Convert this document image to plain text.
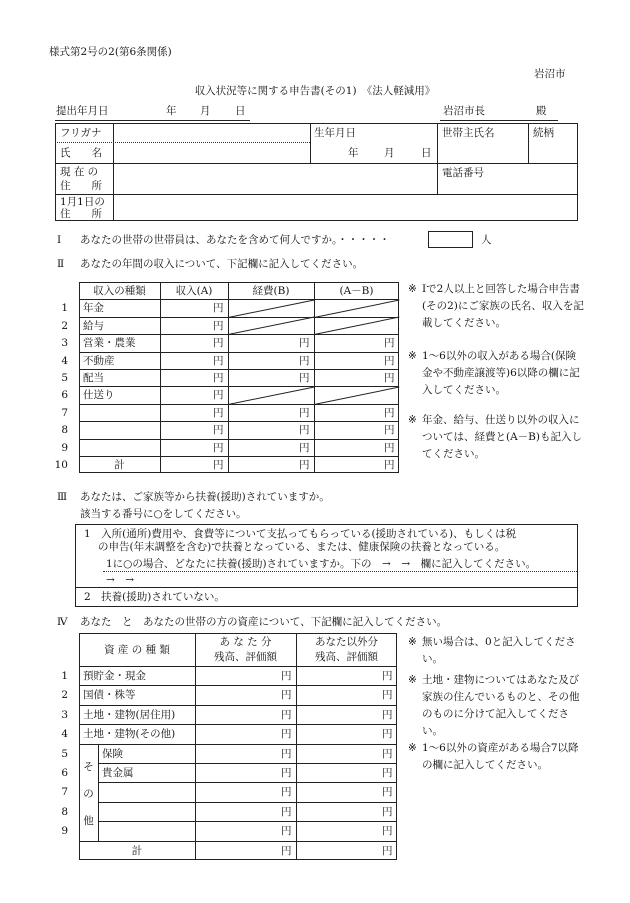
様式第2号の2(第6条関係)
岩沼市
収入状況等に関する申告書(その1)　《法人軽減用》
提出年月日	年 月 日	岩沼市長	殿
フリガナ
氏　　名
生年月日
年 月	日
世帯主氏名	続柄
現 在 の
住　　所
電話番号
1月1日の
住　　所
Ⅰ あなたの世帯の世帯員は、あなたを含めて何人ですか。・・・・・	人
Ⅱ あなたの年間の収入について、下記欄に記入してください。
収入の種類	収入(A)	経費(B)	(A－B)
1 年金	円
2 給与	円
3 営業・農業	円	円	円
4 不動産	円	円	円
5 配当	円	円	円
6 仕送り	円
7	円	円	円
8	円	円	円
9	円	円	円
10	計	円	円	円
※ Ⅰで2人以上と回答した場合申告書(その2)にご家族の氏名、収入を記載してください。
※ 1～6以外の収入がある場合(保険金や不動産譲渡等)6以降の欄に記入してください。
※ 年金、給与、仕送り以外の収入については、経費と(A－B)も記入してください。
Ⅲ あなたは、ご家族等から扶養(援助)されていますか。
該当する番号に○をしてください。
1　入所(通所)費用や、食費等について支払ってもらっている(援助されている)、もしくは税
の申告(年末調整を含む)で扶養となっている、または、健康保険の扶養となっている。
1に○の場合、どなたに扶養(援助)されていますか。下の　→　→　欄に記入してください。
→　→
2　扶養(援助)されていない。
Ⅳ あなた　と　あなたの世帯の方の資産について、下記欄に記入してください。
資 産 の 種 類
あ な た 分
残高、評価額
あなた以外分
残高、評価額
そ
の
他
1 預貯金・現金	円	円
2 国債・株等	円	円
3 土地・建物(居住用)	円	円
4 土地・建物(その他)	円	円
5	保険	円	円
6	貴金属	円	円
7	円	円
8	円	円
9	円	円
計	円	円
※ 無い場合は、0と記入してください。
※ 土地・建物についてはあなた及び家族の住んでいるものと、その他のものに分けて記入してください。
※ 1～6以外の資産がある場合7以降の欄に記入してください。
